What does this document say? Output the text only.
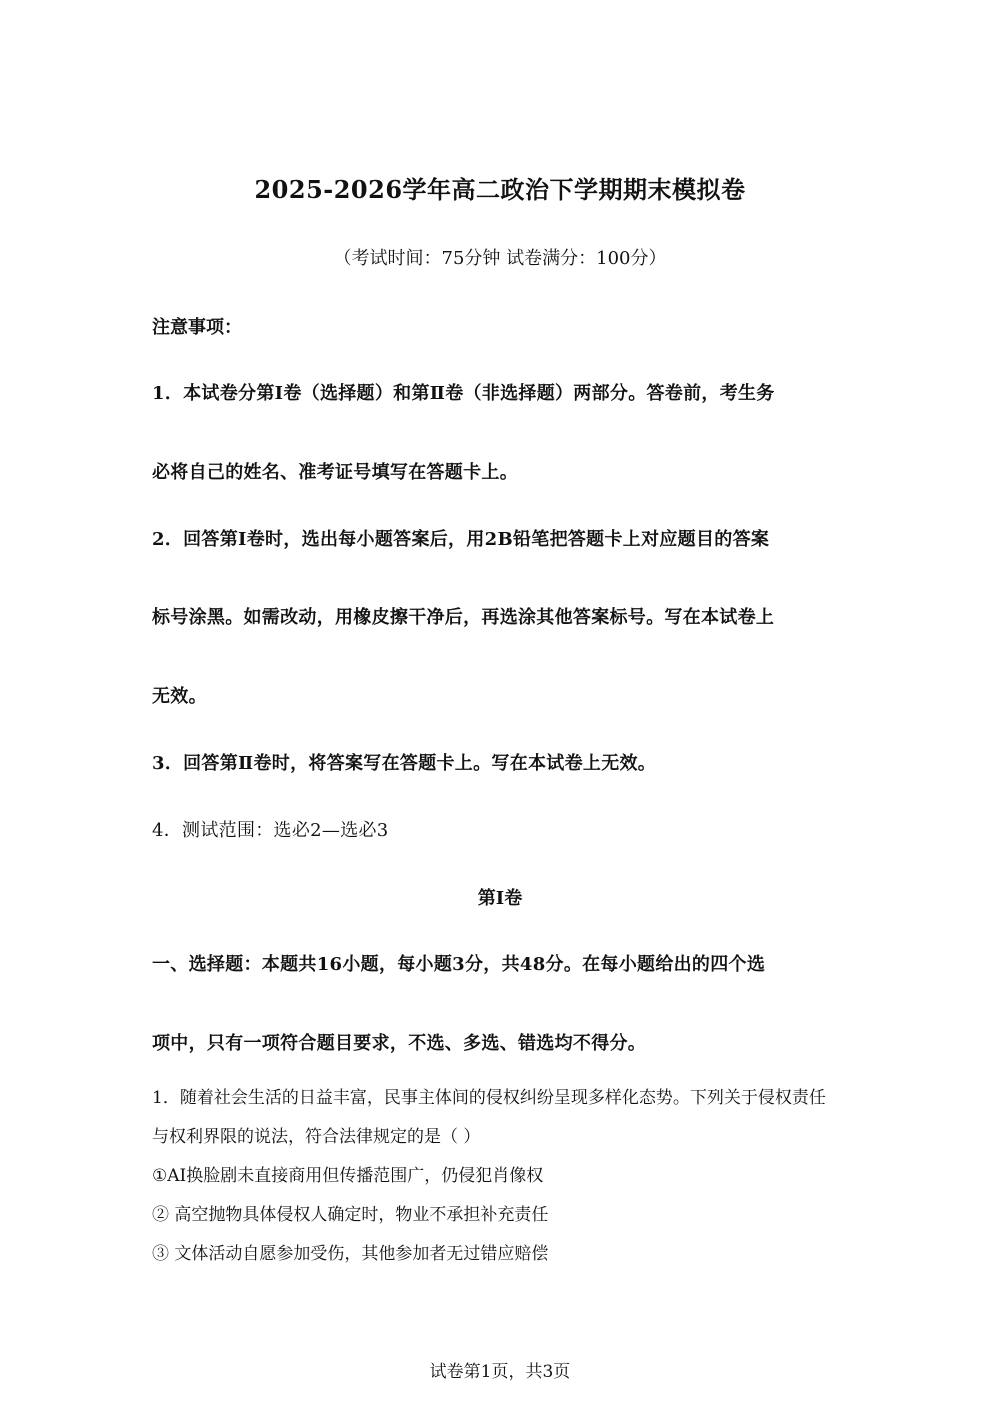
2025-2026学年高二政治下学期期末模拟卷
（考试时间：75分钟 试卷满分：100分）
注意事项：
1．本试卷分第Ⅰ卷（选择题）和第Ⅱ卷（非选择题）两部分。答卷前，考生务
必将自己的姓名、准考证号填写在答题卡上。
2．回答第Ⅰ卷时，选出每小题答案后，用2B铅笔把答题卡上对应题目的答案
标号涂黑。如需改动，用橡皮擦干净后，再选涂其他答案标号。写在本试卷上
无效。
3．回答第Ⅱ卷时，将答案写在答题卡上。写在本试卷上无效。
4．测试范围：选必2—选必3
第Ⅰ卷
一、选择题：本题共16小题，每小题3分，共48分。在每小题给出的四个选
项中，只有一项符合题目要求，不选、多选、错选均不得分。
1．随着社会生活的日益丰富，民事主体间的侵权纠纷呈现多样化态势。下列关于侵权责任
与权利界限的说法，符合法律规定的是（ ）
①AI换脸剧未直接商用但传播范围广，仍侵犯肖像权
② 高空抛物具体侵权人确定时，物业不承担补充责任
③ 文体活动自愿参加受伤，其他参加者无过错应赔偿
试卷第1页，共3页
